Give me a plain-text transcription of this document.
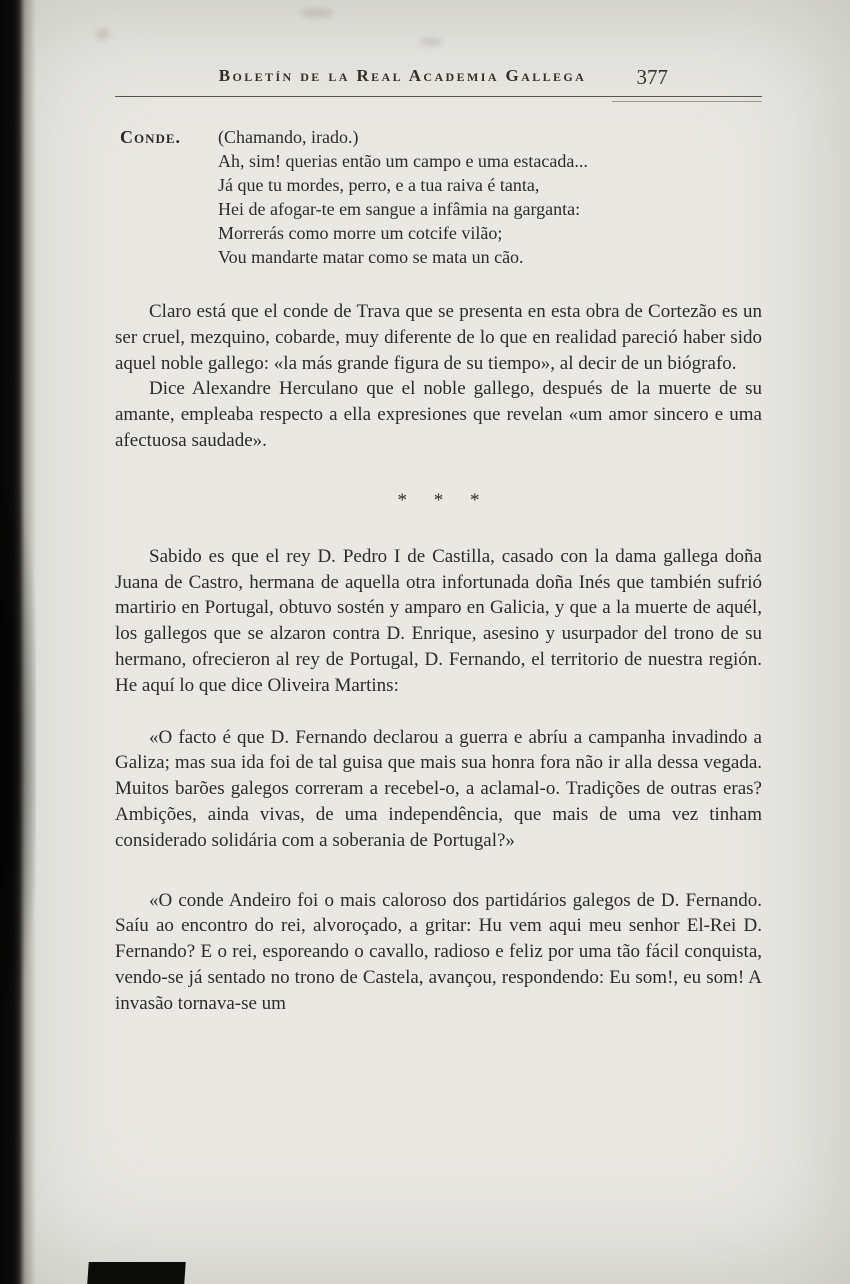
Boletín de la Real Academia Gallega	377
Conde.	(Chamando, irado.)
Ah, sim! querias então um campo e uma estacada...
Já que tu mordes, perro, e a tua raiva é tanta,
Hei de afogar-te em sangue a infâmia na garganta:
Morrerás como morre um cotcife vilão;
Vou mandarte matar como se mata un cão.

Claro está que el conde de Trava que se presenta en esta obra de Cortezão es un ser cruel, mezquino, cobarde, muy diferente de lo que en realidad pareció haber sido aquel noble gallego: «la más grande figura de su tiempo», al decir de un biógrafo.

Dice Alexandre Herculano que el noble gallego, después de la muerte de su amante, empleaba respecto a ella expresiones que revelan «um amor sincero e uma afectuosa saudade».

* * *

Sabido es que el rey D. Pedro I de Castilla, casado con la dama gallega doña Juana de Castro, hermana de aquella otra infortunada doña Inés que también sufrió martirio en Portugal, obtuvo sostén y amparo en Galicia, y que a la muerte de aquél, los gallegos que se alzaron contra D. Enrique, asesino y usurpador del trono de su hermano, ofrecieron al rey de Portugal, D. Fernando, el territorio de nuestra región. He aquí lo que dice Oliveira Martins:

«O facto é que D. Fernando declarou a guerra e abríu a campanha invadindo a Galiza; mas sua ida foi de tal guisa que mais sua honra fora não ir alla dessa vegada. Muitos barões galegos correram a recebel-o, a aclamal-o. Tradições de outras eras? Ambições, ainda vivas, de uma independência, que mais de uma vez tinham considerado solidária com a soberania de Portugal?»

«O conde Andeiro foi o mais caloroso dos partidários galegos de D. Fernando. Saíu ao encontro do rei, alvoroçado, a gritar: Hu vem aqui meu senhor El-Rei D. Fernando? E o rei, esporeando o cavallo, radioso e feliz por uma tão fácil conquista, vendo-se já sentado no trono de Castela, avançou, respondendo: Eu som!, eu som! A invasão tornava-se um
